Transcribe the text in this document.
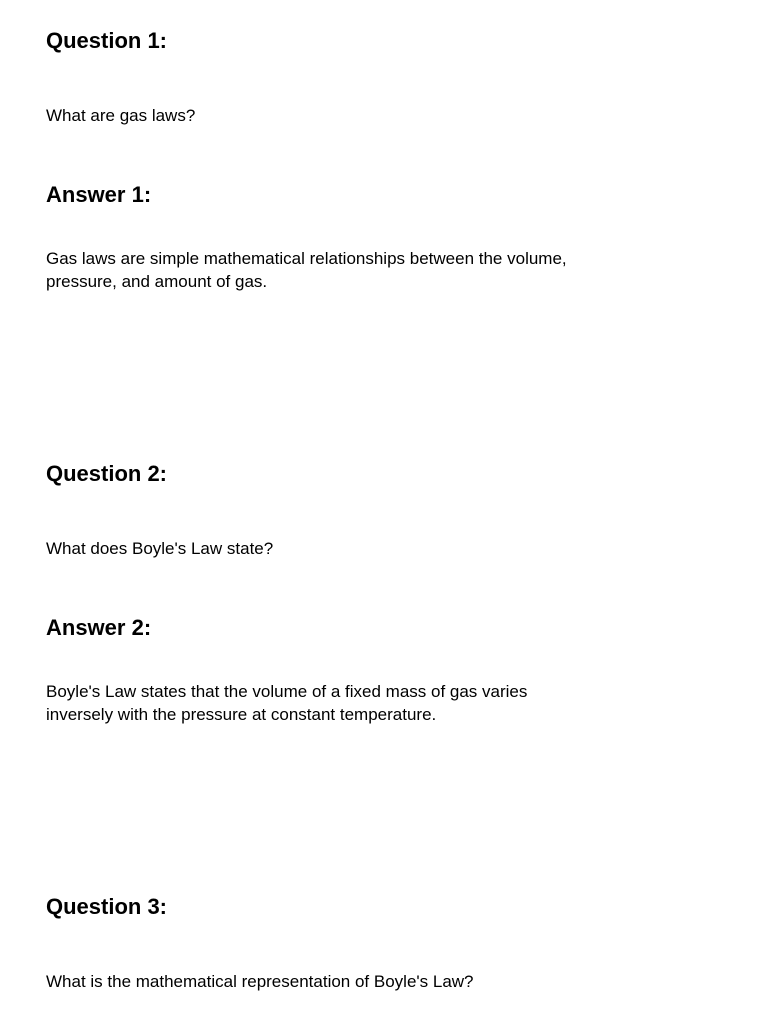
Question 1:

What are gas laws?

Answer 1:

Gas laws are simple mathematical relationships between the volume, pressure, and amount of gas.

Question 2:

What does Boyle's Law state?

Answer 2:

Boyle's Law states that the volume of a fixed mass of gas varies inversely with the pressure at constant temperature.

Question 3:

What is the mathematical representation of Boyle's Law?
